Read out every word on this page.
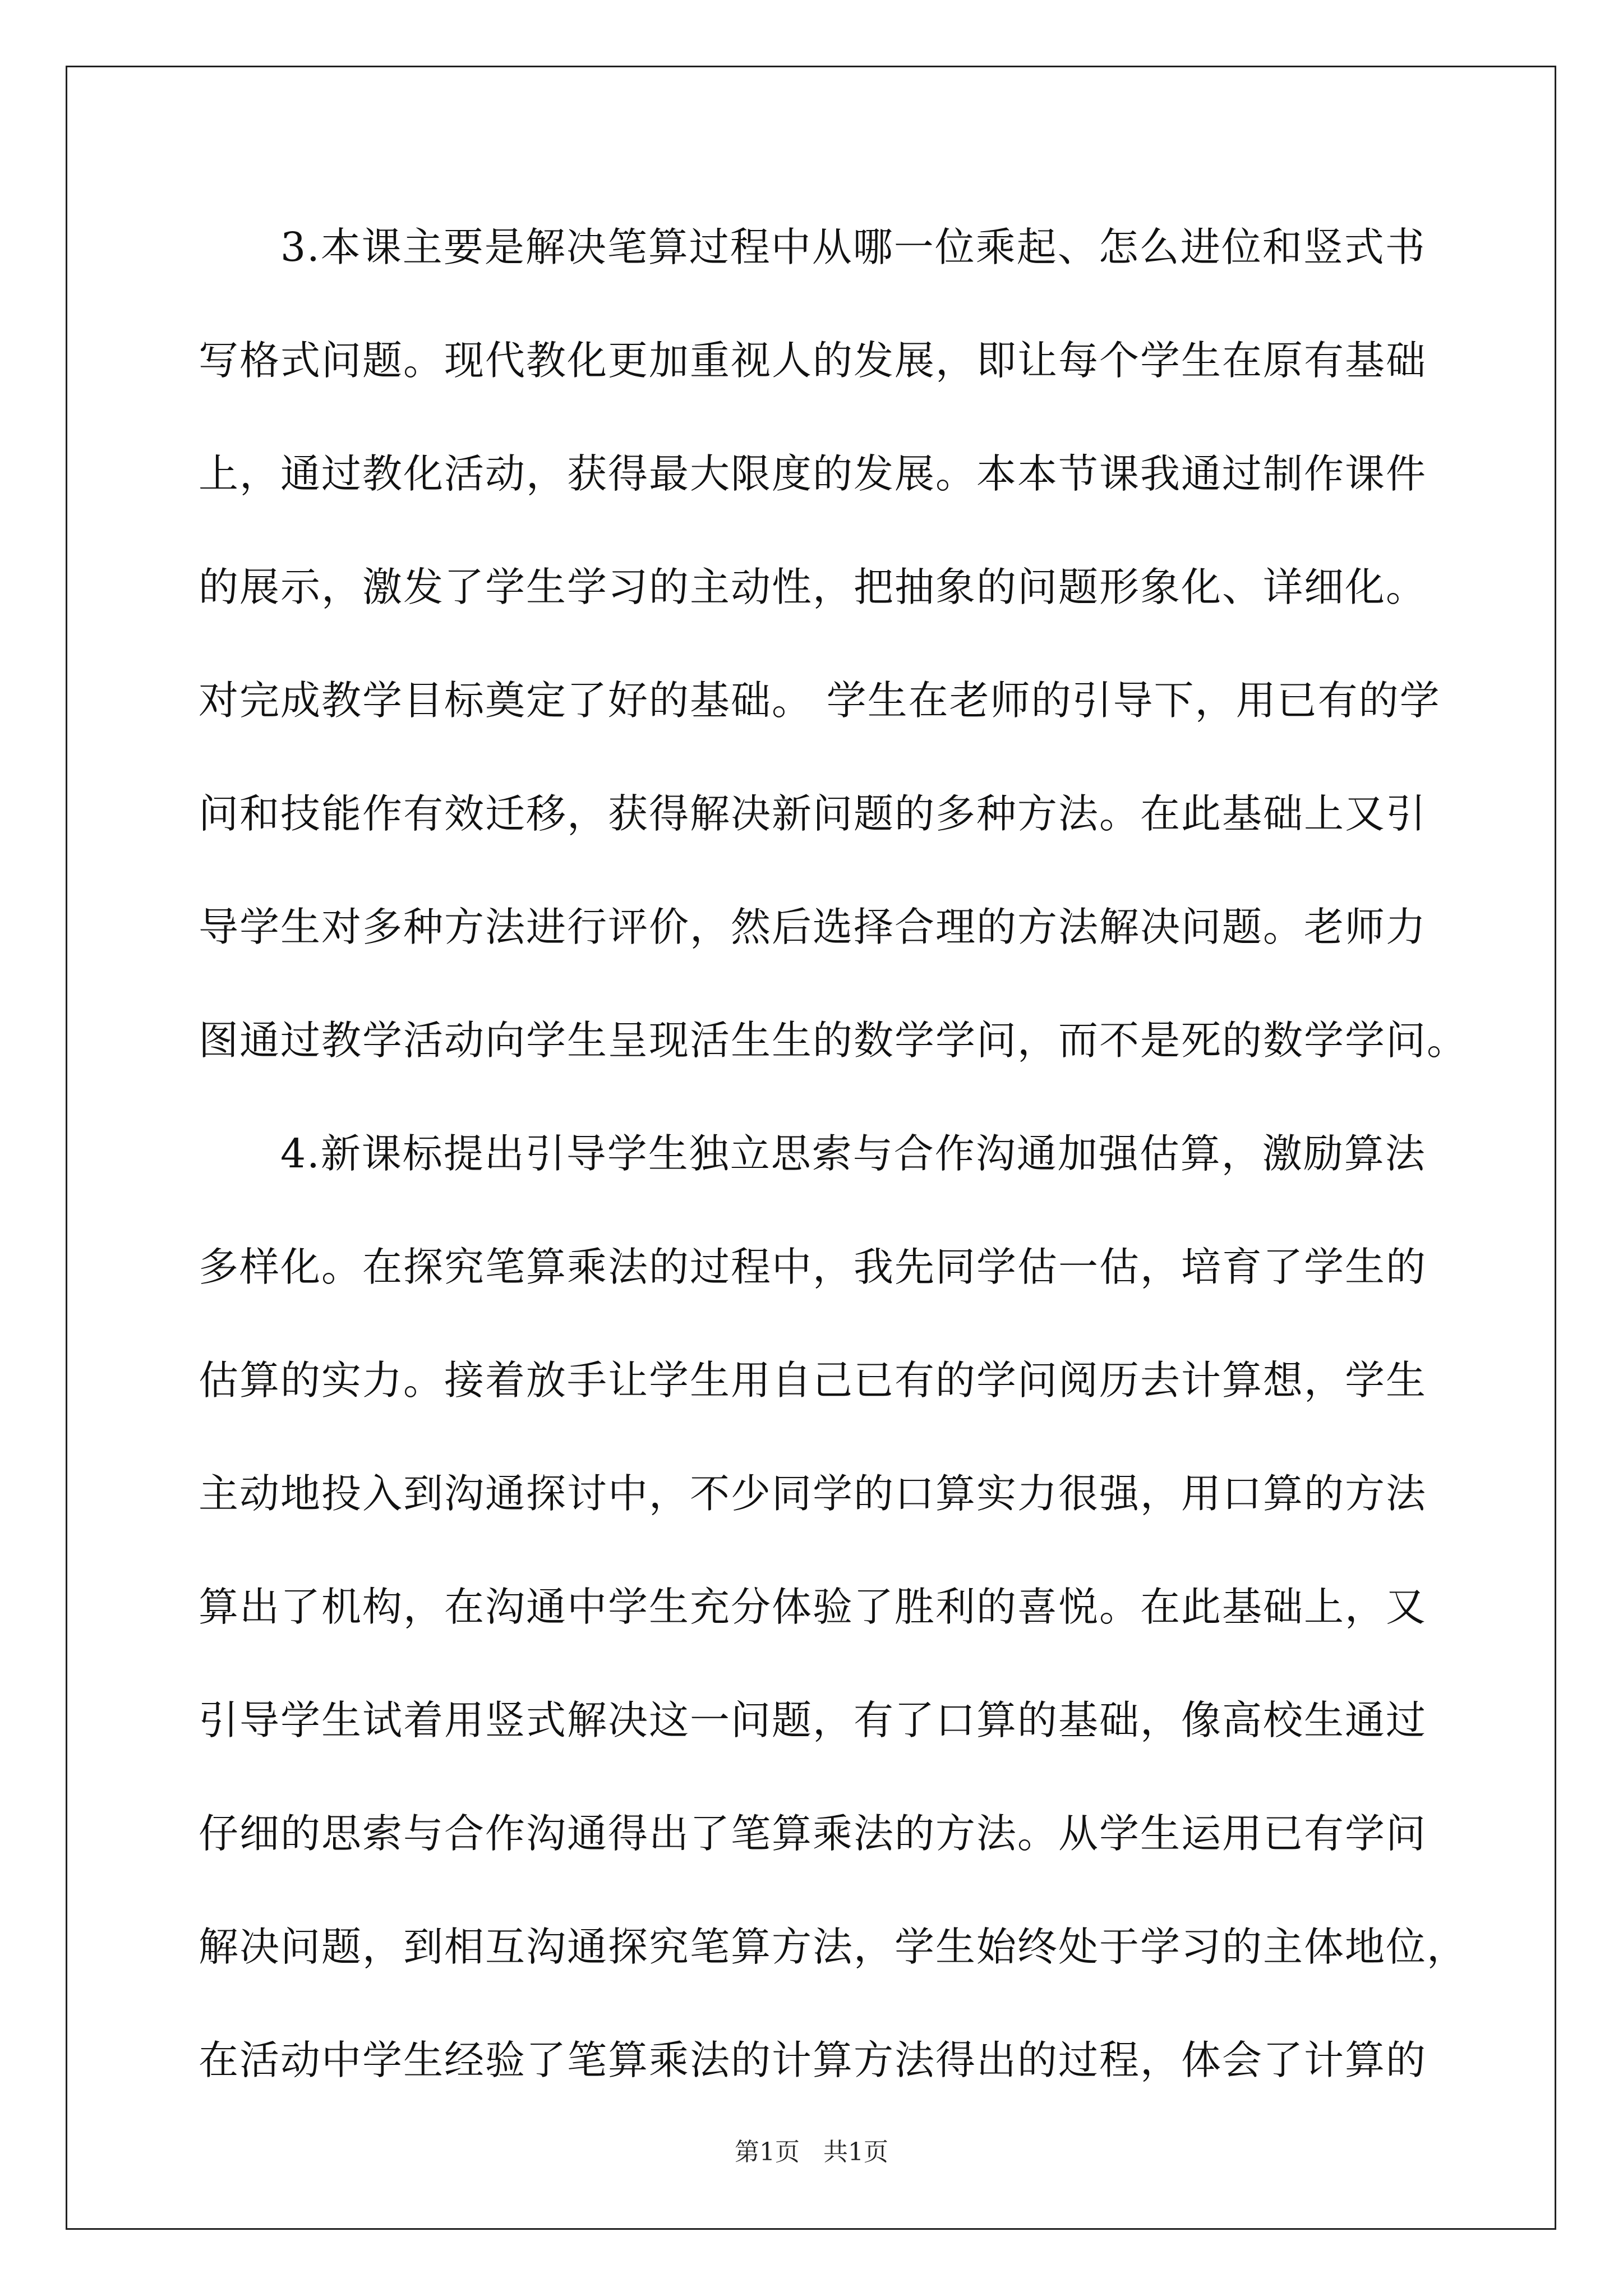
3.本课主要是解决笔算过程中从哪一位乘起、怎么进位和竖式书
写格式问题。现代教化更加重视人的发展，即让每个学生在原有基础
上，通过教化活动，获得最大限度的发展。本本节课我通过制作课件
的展示，激发了学生学习的主动性，把抽象的问题形象化、详细化。
对完成教学目标奠定了好的基础。 学生在老师的引导下，用已有的学
问和技能作有效迁移，获得解决新问题的多种方法。在此基础上又引
导学生对多种方法进行评价，然后选择合理的方法解决问题。老师力
图通过教学活动向学生呈现活生生的数学学问，而不是死的数学学问。
4.新课标提出引导学生独立思索与合作沟通加强估算，激励算法
多样化。在探究笔算乘法的过程中，我先同学估一估，培育了学生的
估算的实力。接着放手让学生用自己已有的学问阅历去计算想，学生
主动地投入到沟通探讨中，不少同学的口算实力很强，用口算的方法
算出了机构，在沟通中学生充分体验了胜利的喜悦。在此基础上，又
引导学生试着用竖式解决这一问题，有了口算的基础，像高校生通过
仔细的思索与合作沟通得出了笔算乘法的方法。从学生运用已有学问
解决问题，到相互沟通探究笔算方法，学生始终处于学习的主体地位，
在活动中学生经验了笔算乘法的计算方法得出的过程，体会了计算的
第1页 共1页
